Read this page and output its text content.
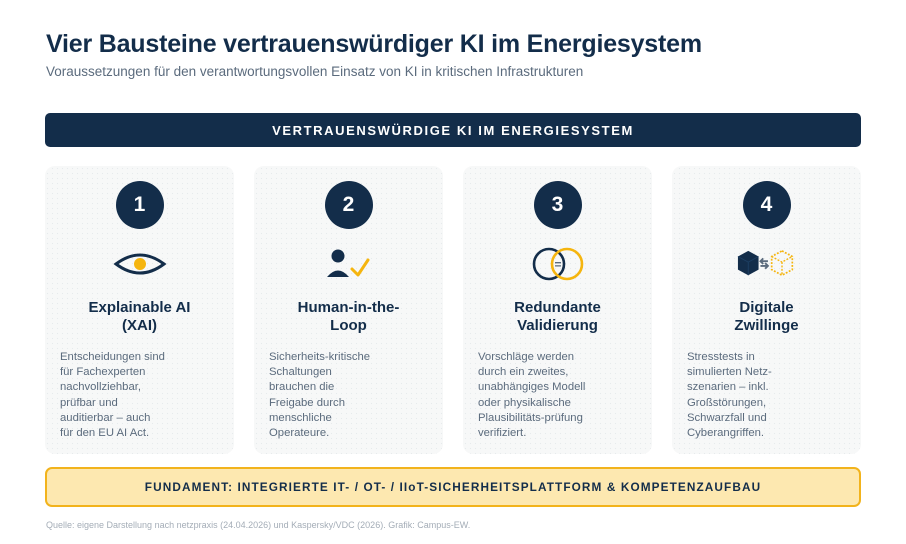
Vier Bausteine vertrauenswürdiger KI im Energiesystem
Voraussetzungen für den verantwortungsvollen Einsatz von KI in kritischen Infrastrukturen
VERTRAUENSWÜRDIGE KI IM ENERGIESYSTEM
1
Explainable AI
(XAI)
Entscheidungen sind
für Fachexperten
nachvollziehbar,
prüfbar und
auditierbar – auch
für den EU AI Act.
2
Human-in-the-
Loop
Sicherheits-kritische
Schaltungen
brauchen die
Freigabe durch
menschliche
Operateure.
3
=
Redundante
Validierung
Vorschläge werden
durch ein zweites,
unabhängiges Modell
oder physikalische
Plausibilitäts-prüfung
verifiziert.
4
Digitale
Zwillinge
Stresstests in
simulierten Netz-
szenarien – inkl.
Großstörungen,
Schwarzfall und
Cyberangriffen.
FUNDAMENT: INTEGRIERTE IT- / OT- / IIoT-SICHERHEITSPLATTFORM & KOMPETENZAUFBAU
Quelle: eigene Darstellung nach netzpraxis (24.04.2026) und Kaspersky/VDC (2026). Grafik: Campus-EW.
